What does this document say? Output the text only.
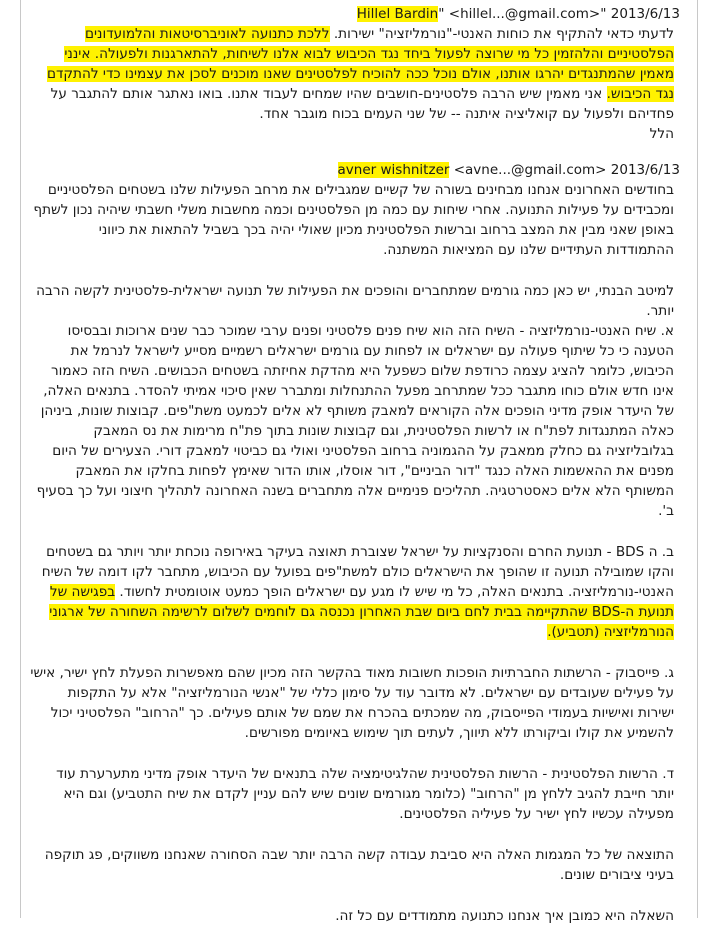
Hillel Bardin" <hillel...@gmail.com>" 2013/6/13

לדעתי כדאי להתקיף את כוחות האנטי-"נורמליזציה" ישירות. ללכת כתנועה לאוניברסיטאות והלמועדונים הפלסטיניים והלהזמין כל מי שרוצה לפעול ביחד נגד הכיבוש לבוא אלנו לשיחות, להתארגנות ולפעולה. אינני מאמין שהמתנגדים יהרגו אותנו, אולם נוכל ככה להוכיח לפלסטינים שאנו מוכנים לסכן את עצמינו כדי להתקדם נגד הכיבוש. אני מאמין שיש הרבה פלסטינים-חושבים שהיו שמחים לעבוד אתנו. בואו נאתגר אותם להתגבר על פחדיהם ולפעול עם קואליציה איתנה -- של שני העמים בכוח מוגבר אחד.

הלל

avner wishnitzer <avne...@gmail.com> 2013/6/13

בחודשים האחרונים אנחנו מבחינים בשורה של קשיים שמגבילים את מרחב הפעילות שלנו בשטחים הפלסטיניים ומכבידים על פעילות התנועה. אחרי שיחות עם כמה מן הפלסטינים וכמה מחשבות משלי חשבתי שיהיה נכון לשתף באופן שאני מבין את המצב ברחוב וברשות הפלסטינית מכיון שאולי יהיה בכך בשביל להתאות את כיווני ההתמודדות העתידיים שלנו עם המציאות המשתנה.

למיטב הבנתי, יש כאן כמה גורמים שמתחברים והופכים את הפעילות של תנועה ישראלית-פלסטינית לקשה הרבה יותר.

א. שיח האנטי-נורמליזציה - השיח הזה הוא שיח פנים פלסטיני ופנים ערבי שמוכר כבר שנים ארוכות ובבסיסו הטענה כי כל שיתוף פעולה עם ישראלים או לפחות עם גורמים ישראלים רשמיים מסייע לישראל לנרמל את הכיבוש, כלומר להציג עצמה כרודפת שלום כשפעל היא מהדקת אחיזתה בשטחים הכבושים. השיח הזה כאמור אינו חדש אולם כוחו מתגבר ככל שמתרחב מפעל ההתנחלות ומתברר שאין סיכוי אמיתי להסדר. בתנאים האלה, של היעדר אופק מדיני הופכים אלה הקוראים למאבק משותף לא אלים לכמעט משת"פים. קבוצות שונות, ביניהן כאלה המתנגדות לפת"ח או לרשות הפלסטינית, וגם קבוצות שונות בתוך פת"ח מרימות את נס המאבק בגלובליזציה גם כחלק ממאבק על ההגמוניה ברחוב הפלסטיני ואולי גם כביטוי למאבק דורי. הצעירים של היום מפנים את ההאשמות האלה כנגד "דור הביניים", דור אוסלו, אותו הדור שאימץ לפחות בחלקו את המאבק המשותף הלא אלים כאסטרטגיה. תהליכים פנימיים אלה מתחברים בשנה האחרונה לתהליך חיצוני ועל כך בסעיף ב'.

ב. ה BDS - תנועת החרם והסנקציות על ישראל שצוברת תאוצה בעיקר באירופה נוכחת יותר ויותר גם בשטחים והקו שמובילה תנועה זו שהופך את הישראלים כולם למשת"פים בפועל עם הכיבוש, מתחבר לקו דומה של השיח האנטי-נורמליזציה. בתנאים האלה, כל מי שיש לו מגע עם ישראלים הופך כמעט אוטומטית לחשוד. בפגישה של תנועת ה-BDS שהתקיימה בבית לחם ביום שבת האחרון נכנסה גם לוחמים לשלום לרשימה השחורה של ארגוני הנורמליזציה (תטביע).

ג. פייסבוק - הרשתות החברתיות הופכות חשובות מאוד בהקשר הזה מכיון שהם מאפשרות הפעלת לחץ ישיר, אישי על פעילים שעובדים עם ישראלים. לא מדובר עוד על סימון כללי של "אנשי הנורמליזציה" אלא על התקפות ישירות ואישיות בעמודי הפייסבוק, מה שמכתים בהכרח את שמם של אותם פעילים. כך "הרחוב" הפלסטיני יכול להשמיע את קולו וביקורתו ללא תיווך, לעתים תוך שימוש באיומים מפורשים.

ד. הרשות הפלסטינית - הרשות הפלסטינית שהלגיטימציה שלה בתנאים של היעדר אופק מדיני מתערערת עוד יותר חייבת להגיב ללחץ מן "הרחוב" (כלומר מגורמים שונים שיש להם עניין לקדם את שיח התטביע) וגם היא מפעילה עכשיו לחץ ישיר על פעיליה הפלסטינים.

התוצאה של כל המגמות האלה היא סביבת עבודה קשה הרבה יותר שבה הסחורה שאנחנו משווקים, פג תוקפה בעיני ציבורים שונים.

השאלה היא כמובן איך אנחנו כתנועה מתמודדים עם כל זה.
